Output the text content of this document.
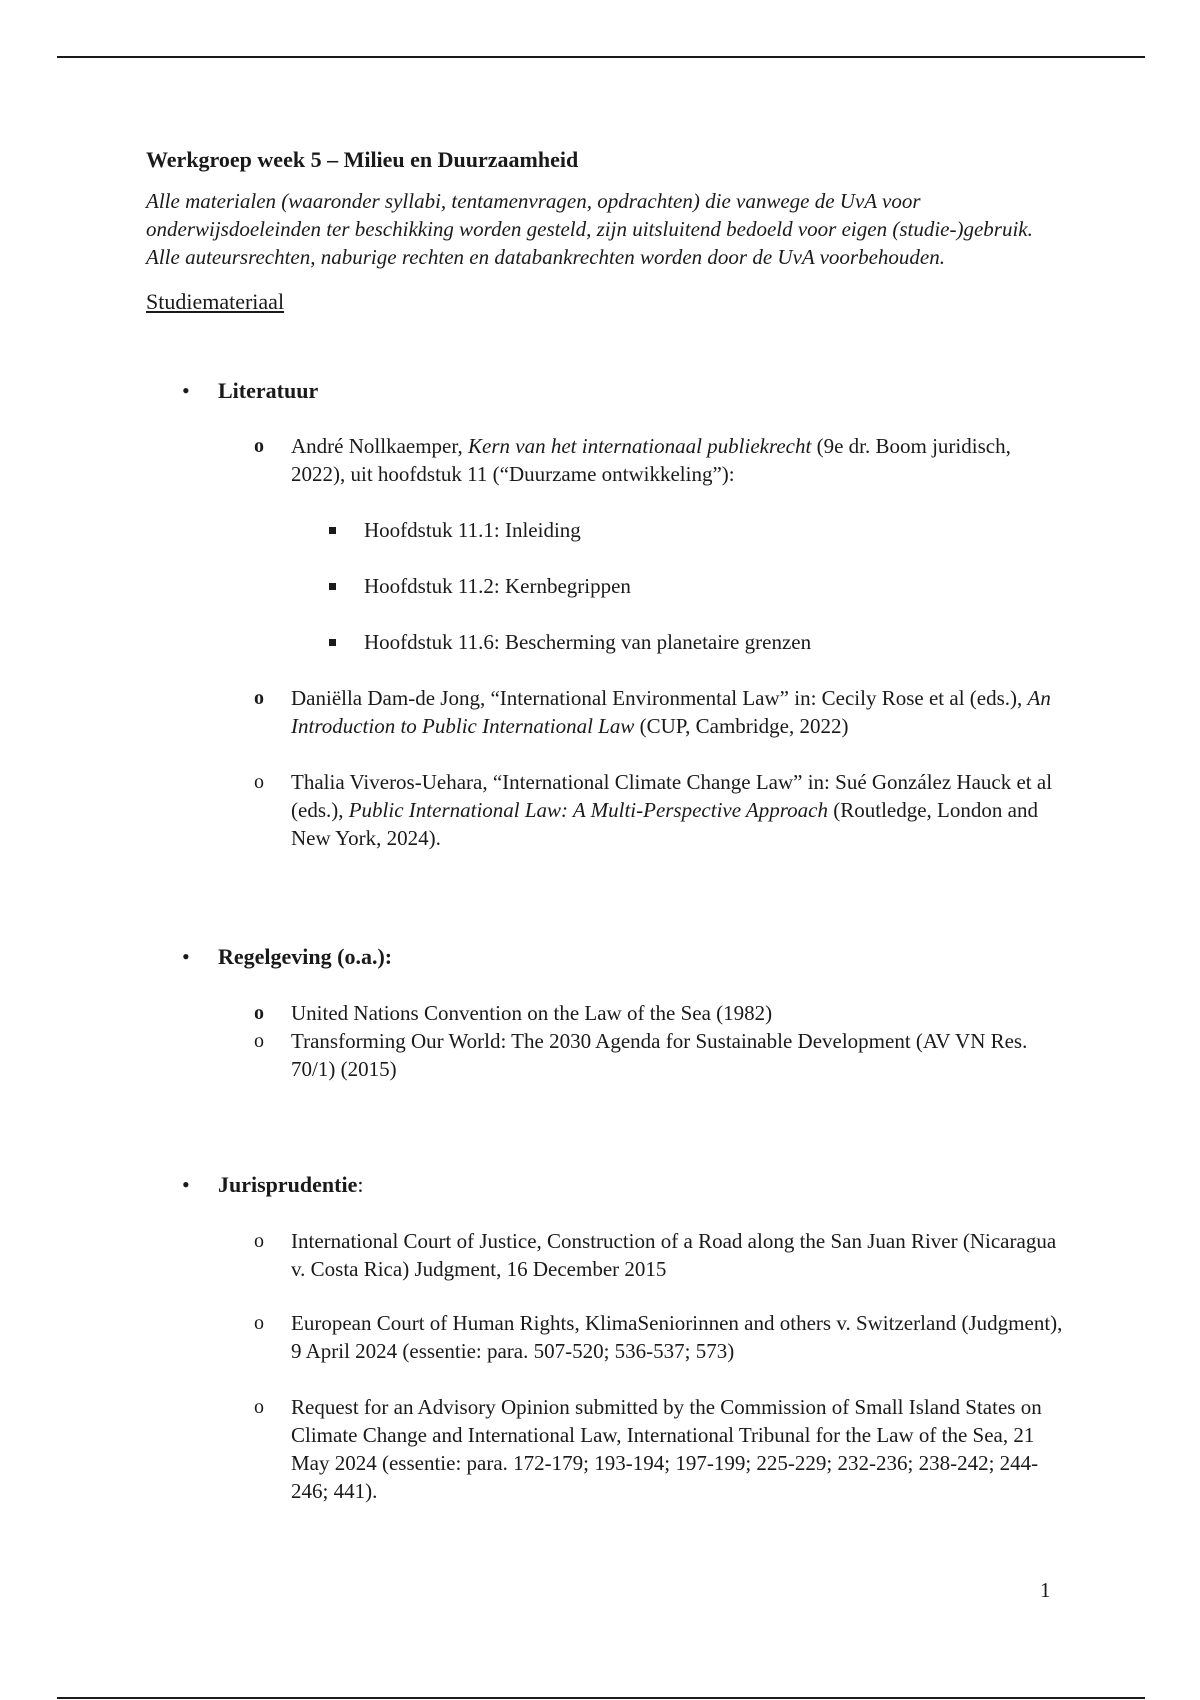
Werkgroep week 5 – Milieu en Duurzaamheid

Alle materialen (waaronder syllabi, tentamenvragen, opdrachten) die vanwege de UvA voor onderwijsdoeleinden ter beschikking worden gesteld, zijn uitsluitend bedoeld voor eigen (studie-)gebruik. Alle auteursrechten, naburige rechten en databankrechten worden door de UvA voorbehouden.

Studiemateriaal

•	Literatuur
o	André Nollkaemper, Kern van het internationaal publiekrecht (9e dr. Boom juridisch, 2022), uit hoofdstuk 11 (“Duurzame ontwikkeling”):
Hoofdstuk 11.1: Inleiding
Hoofdstuk 11.2: Kernbegrippen
Hoofdstuk 11.6: Bescherming van planetaire grenzen
o	Daniëlla Dam-de Jong, “International Environmental Law” in: Cecily Rose et al (eds.), An Introduction to Public International Law (CUP, Cambridge, 2022)
o	Thalia Viveros-Uehara, “International Climate Change Law” in: Sué González Hauck et al (eds.), Public International Law: A Multi-Perspective Approach (Routledge, London and New York, 2024).
•	Regelgeving (o.a.):
o	United Nations Convention on the Law of the Sea (1982)
o	Transforming Our World: The 2030 Agenda for Sustainable Development (AV VN Res. 70/1) (2015)
•	Jurisprudentie:
o	International Court of Justice, Construction of a Road along the San Juan River (Nicaragua v. Costa Rica) Judgment, 16 December 2015
o	European Court of Human Rights, KlimaSeniorinnen and others v. Switzerland (Judgment), 9 April 2024 (essentie: para. 507-520; 536-537; 573)
o	Request for an Advisory Opinion submitted by the Commission of Small Island States on Climate Change and International Law, International Tribunal for the Law of the Sea, 21 May 2024 (essentie: para. 172-179; 193-194; 197-199; 225-229; 232-236; 238-242; 244-246; 441).
1
